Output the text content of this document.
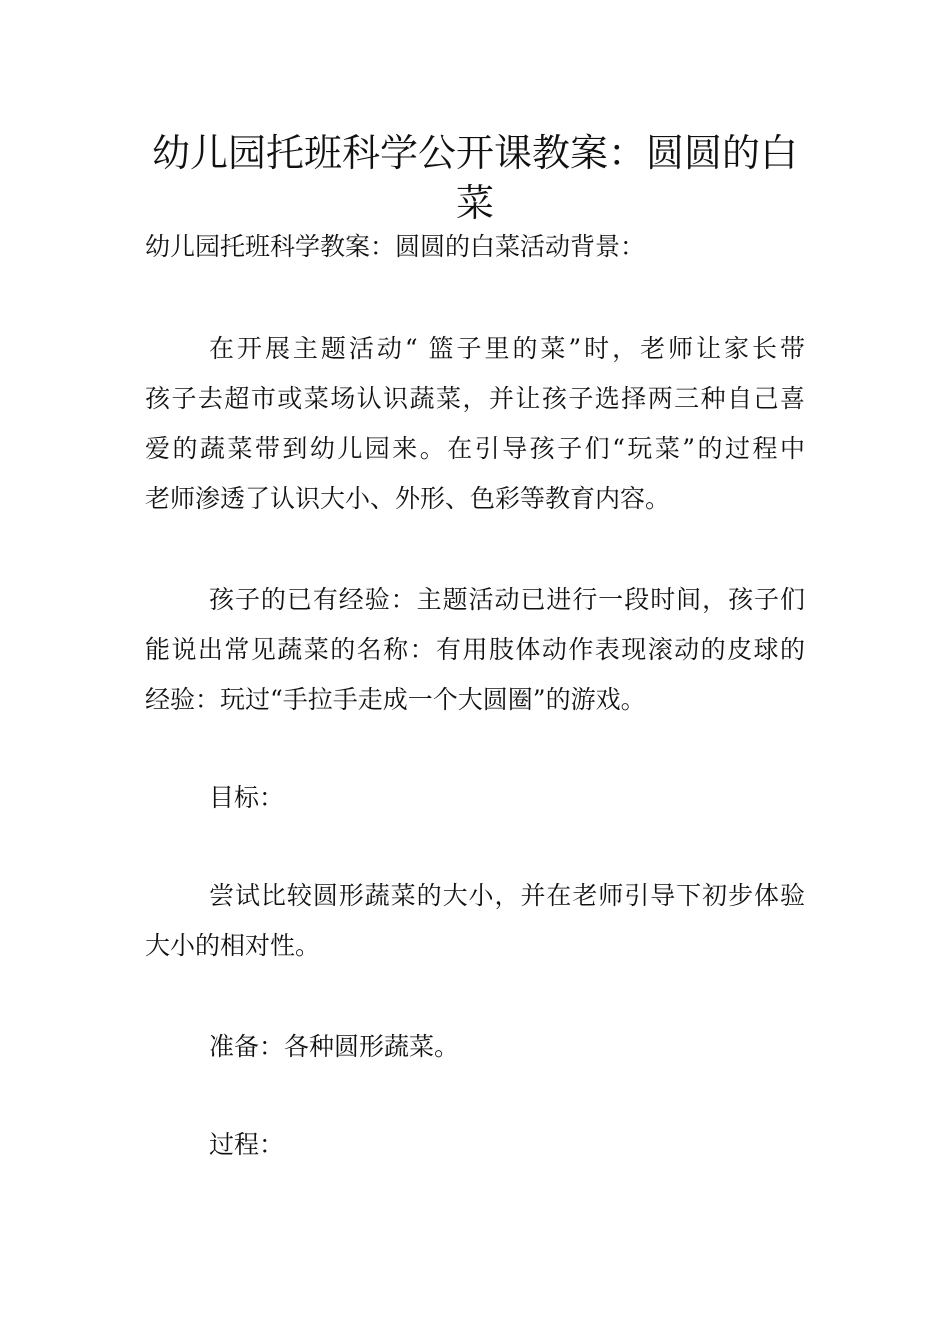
幼儿园托班科学公开课教案：圆圆的白菜

幼儿园托班科学教案：圆圆的白菜活动背景：

在开展主题活动“ 篮子里的菜”时，老师让家长带

孩子去超市或菜场认识蔬菜，并让孩子选择两三种自己喜

爱的蔬菜带到幼儿园来。在引导孩子们“玩菜”的过程中

老师渗透了认识大小、外形、色彩等教育内容。

孩子的已有经验：主题活动已进行一段时间，孩子们

能说出常见蔬菜的名称：有用肢体动作表现滚动的皮球的

经验：玩过“手拉手走成一个大圆圈”的游戏。

目标：

尝试比较圆形蔬菜的大小，并在老师引导下初步体验

大小的相对性。

准备：各种圆形蔬菜。

过程：
